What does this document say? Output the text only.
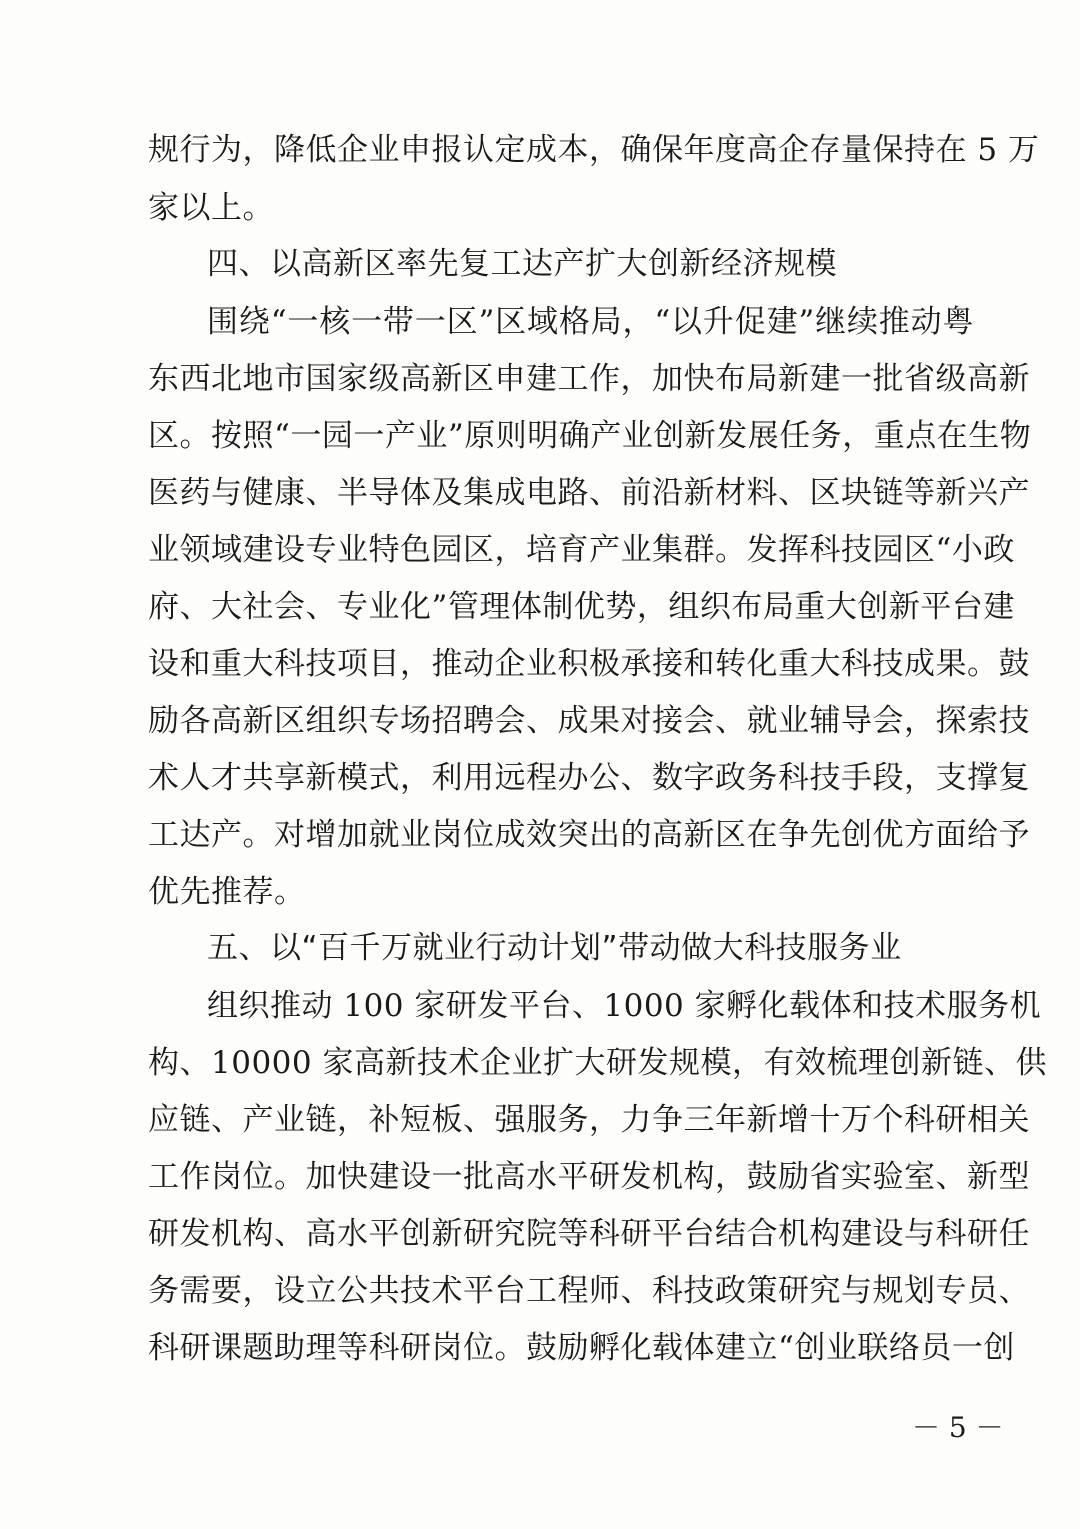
规行为，降低企业申报认定成本，确保年度高企存量保持在 5 万
家以上。
四、以高新区率先复工达产扩大创新经济规模
围绕“一核一带一区”区域格局，“以升促建”继续推动粤
东西北地市国家级高新区申建工作，加快布局新建一批省级高新
区。按照“一园一产业”原则明确产业创新发展任务，重点在生物
医药与健康、半导体及集成电路、前沿新材料、区块链等新兴产
业领域建设专业特色园区，培育产业集群。发挥科技园区“小政
府、大社会、专业化”管理体制优势，组织布局重大创新平台建
设和重大科技项目，推动企业积极承接和转化重大科技成果。鼓
励各高新区组织专场招聘会、成果对接会、就业辅导会，探索技
术人才共享新模式，利用远程办公、数字政务科技手段，支撑复
工达产。对增加就业岗位成效突出的高新区在争先创优方面给予
优先推荐。
五、以“百千万就业行动计划”带动做大科技服务业
组织推动 100 家研发平台、1000 家孵化载体和技术服务机
构、10000 家高新技术企业扩大研发规模，有效梳理创新链、供
应链、产业链，补短板、强服务，力争三年新增十万个科研相关
工作岗位。加快建设一批高水平研发机构，鼓励省实验室、新型
研发机构、高水平创新研究院等科研平台结合机构建设与科研任
务需要，设立公共技术平台工程师、科技政策研究与规划专员、
科研课题助理等科研岗位。鼓励孵化载体建立“创业联络员一创
－ 5 －
